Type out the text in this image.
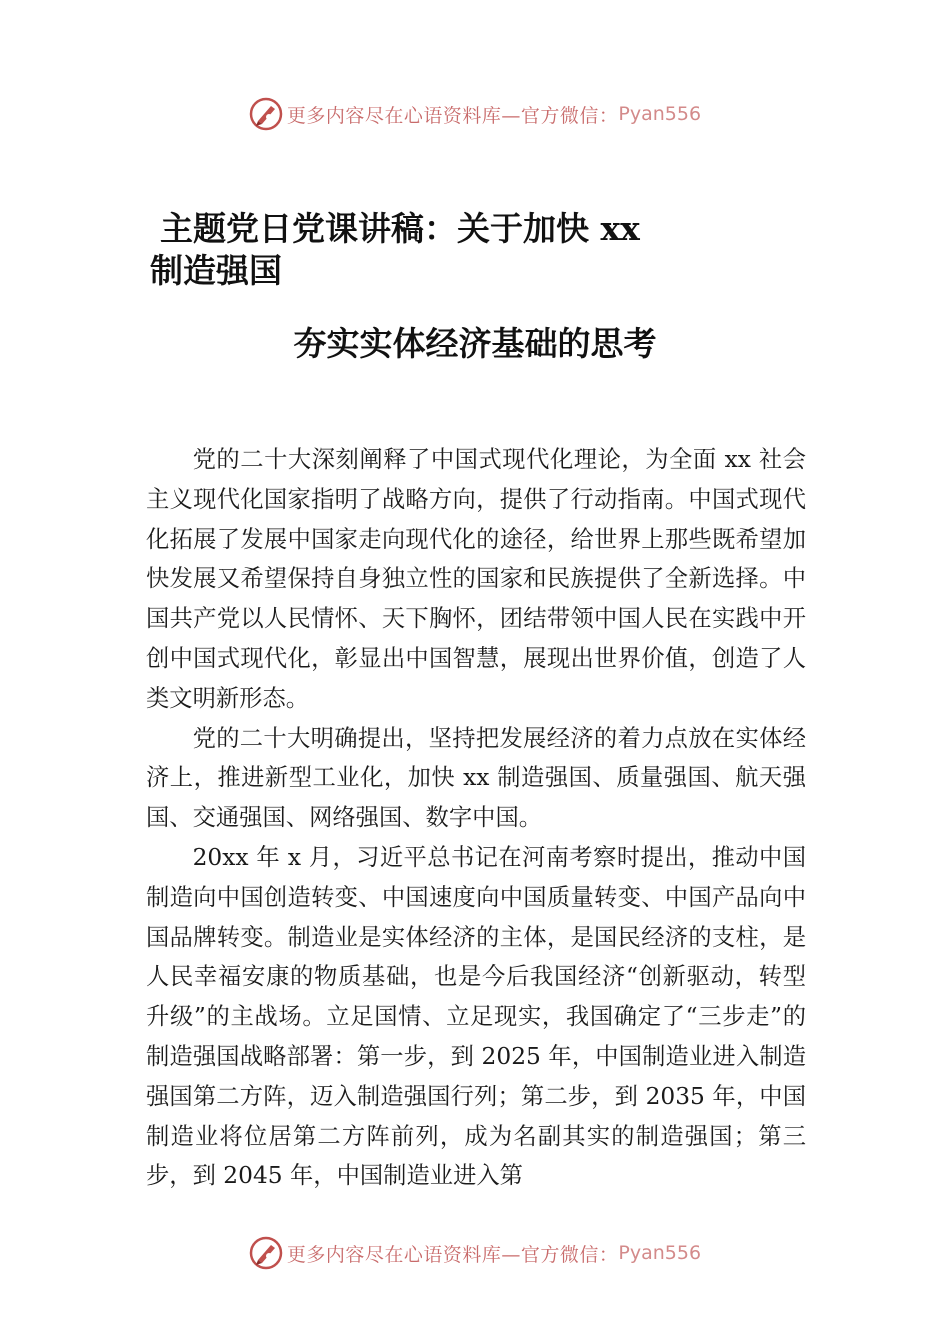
更多内容尽在心语资料库—官方微信： Pyan556
主题党日党课讲稿：关于加快 xx
制造强国
夯实实体经济基础的思考

党的二十大深刻阐释了中国式现代化理论，为全面 xx 社会主义现代化国家指明了战略方向，提供了行动指南。中国式现代化拓展了发展中国家走向现代化的途径，给世界上那些既希望加快发展又希望保持自身独立性的国家和民族提供了全新选择。中国共产党以人民情怀、天下胸怀，团结带领中国人民在实践中开创中国式现代化，彰显出中国智慧，展现出世界价值，创造了人类文明新形态。

党的二十大明确提出，坚持把发展经济的着力点放在实体经济上，推进新型工业化，加快 xx 制造强国、质量强国、航天强国、交通强国、网络强国、数字中国。

20xx 年 x 月，习近平总书记在河南考察时提出，推动中国制造向中国创造转变、中国速度向中国质量转变、中国产品向中国品牌转变。制造业是实体经济的主体，是国民经济的支柱，是人民幸福安康的物质基础，也是今后我国经济“创新驱动，转型升级”的主战场。立足国情、立足现实，我国确定了“三步走”的制造强国战略部署：第一步，到 2025 年，中国制造业进入制造强国第二方阵，迈入制造强国行列；第二步，到 2035 年，中国制造业将位居第二方阵前列，成为名副其实的制造强国；第三步，到 2045 年，中国制造业进入第

更多内容尽在心语资料库—官方微信： Pyan556
